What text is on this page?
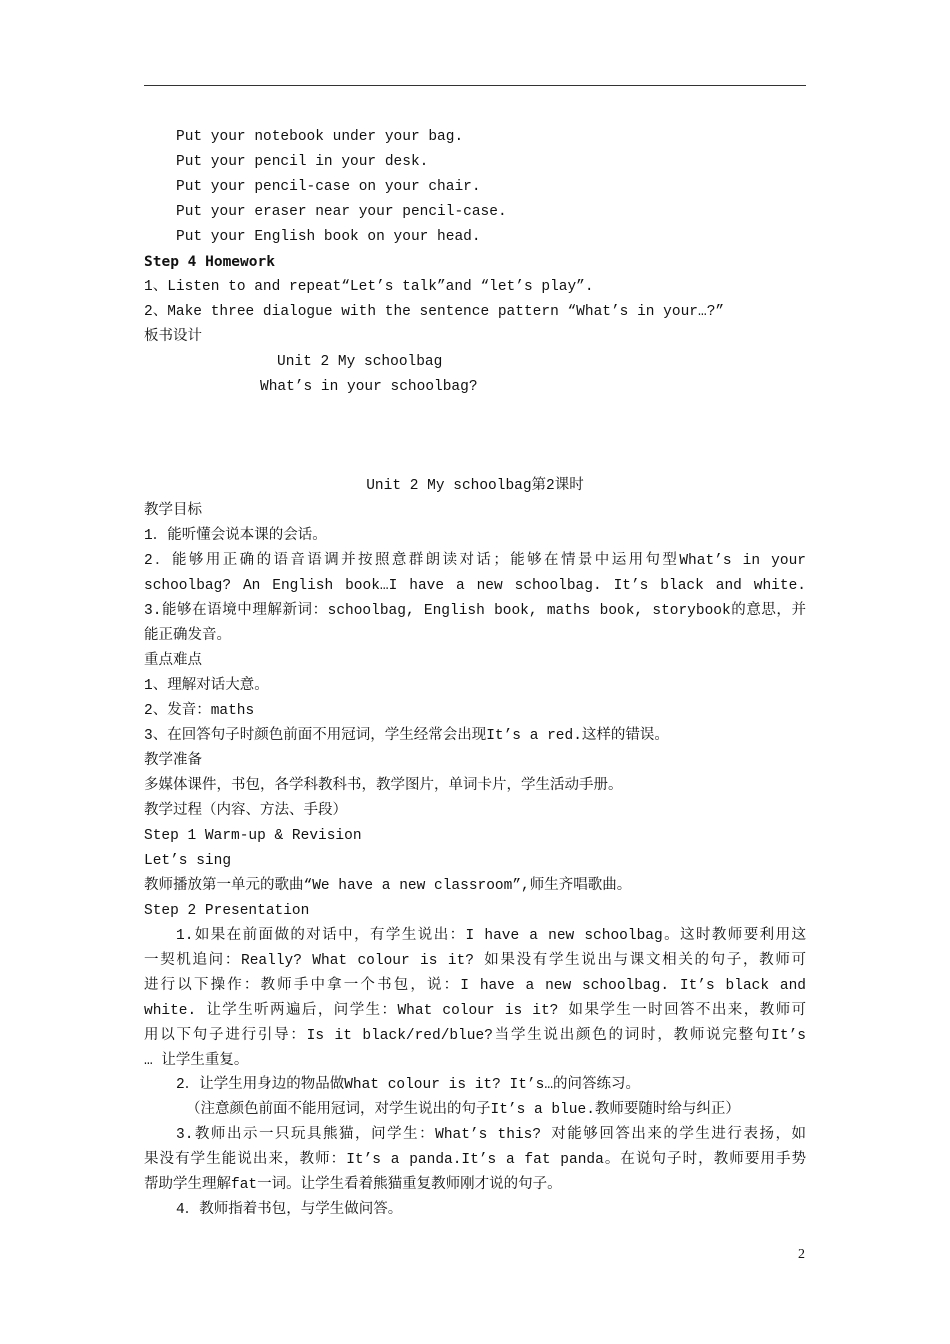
Put your notebook under your bag.
Put your pencil in your desk.
Put your pencil-case on your chair.
Put your eraser near your pencil-case.
Put your English book on your head.
Step 4 Homework
1、Listen to and repeat“Let’s talk”and “let’s play”.
2、Make three dialogue with the sentence pattern “What’s in your…?”
板书设计
Unit 2 My schoolbag
What’s in your schoolbag?
Unit 2 My schoolbag第2课时
教学目标
1．能听懂会说本课的会话。
2．能够用正确的语音语调并按照意群朗读对话；能够在情景中运用句型What’s in your
schoolbag? An English book…I have a new schoolbag. It’s black and white.
3.能够在语境中理解新词：schoolbag, English book, maths book, storybook的意思，并
能正确发音。
重点难点
1、理解对话大意。
2、发音：maths
3、在回答句子时颜色前面不用冠词，学生经常会出现It’s a red.这样的错误。
教学准备
多媒体课件，书包，各学科教科书，教学图片，单词卡片，学生活动手册。
教学过程（内容、方法、手段）
Step 1 Warm-up & Revision
Let’s sing
教师播放第一单元的歌曲“We have a new classroom”,师生齐唱歌曲。
Step 2 Presentation
1.如果在前面做的对话中，有学生说出：I have a new schoolbag。这时教师要利用这
一契机追问：Really? What colour is it? 如果没有学生说出与课文相关的句子，教师可
进行以下操作：教师手中拿一个书包，说：I have a new schoolbag. It’s black and
white. 让学生听两遍后，问学生：What colour is it? 如果学生一时回答不出来，教师可
用以下句子进行引导：Is it black/red/blue?当学生说出颜色的词时，教师说完整句It’s
… 让学生重复。
2．让学生用身边的物品做What colour is it? It’s…的问答练习。
（注意颜色前面不能用冠词，对学生说出的句子It’s a blue.教师要随时给与纠正）
3.教师出示一只玩具熊猫，问学生：What’s this? 对能够回答出来的学生进行表扬，如
果没有学生能说出来，教师：It’s a panda.It’s a fat panda。在说句子时，教师要用手势
帮助学生理解fat一词。让学生看着熊猫重复教师刚才说的句子。
4．教师指着书包，与学生做问答。
2
